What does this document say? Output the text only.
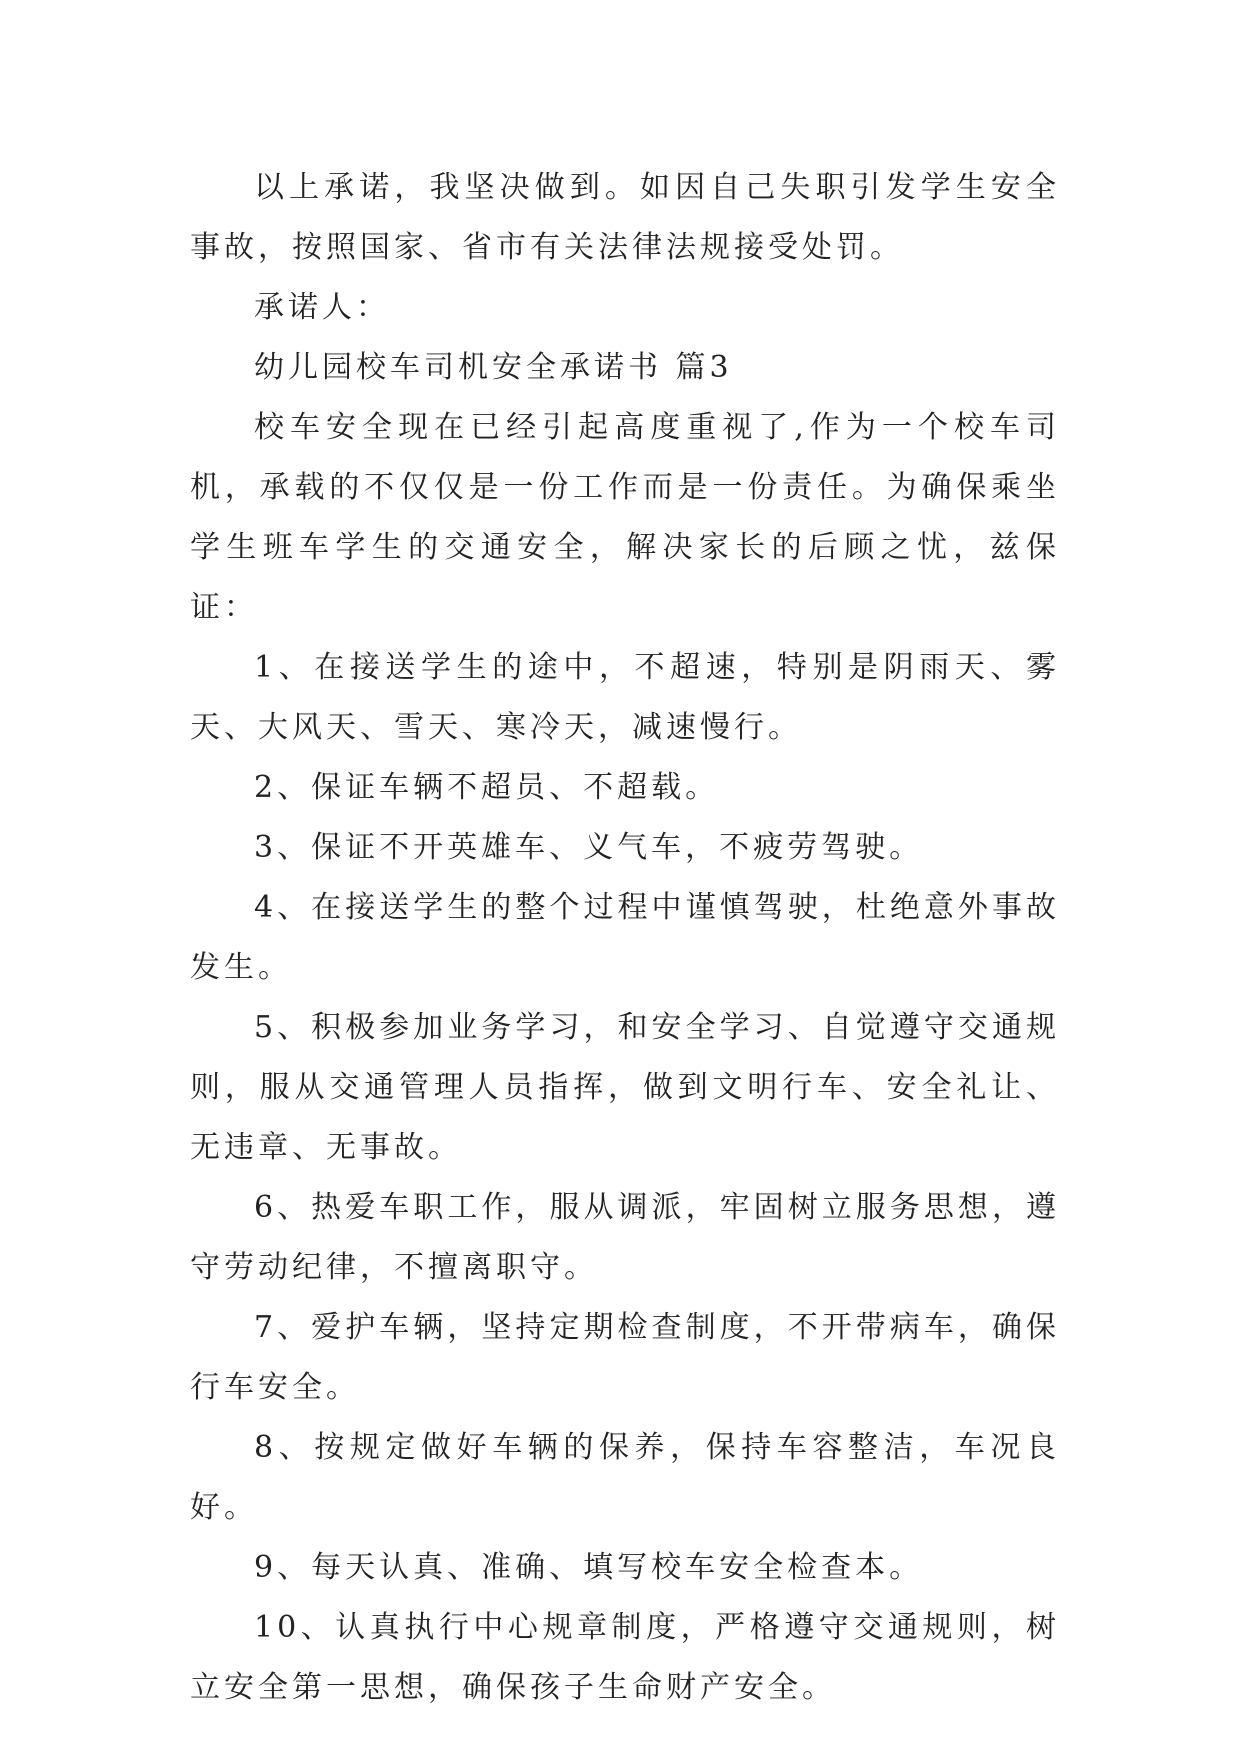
以上承诺，我坚决做到。如因自己失职引发学生安全事故，按照国家、省市有关法律法规接受处罚。

承诺人：

幼儿园校车司机安全承诺书 篇3

校车安全现在已经引起高度重视了,作为一个校车司机，承载的不仅仅是一份工作而是一份责任。为确保乘坐学生班车学生的交通安全，解决家长的后顾之忧，兹保证：

1、在接送学生的途中，不超速，特别是阴雨天、雾天、大风天、雪天、寒冷天，减速慢行。

2、保证车辆不超员、不超载。

3、保证不开英雄车、义气车，不疲劳驾驶。

4、在接送学生的整个过程中谨慎驾驶，杜绝意外事故发生。

5、积极参加业务学习，和安全学习、自觉遵守交通规则，服从交通管理人员指挥，做到文明行车、安全礼让、无违章、无事故。

6、热爱车职工作，服从调派，牢固树立服务思想，遵守劳动纪律，不擅离职守。

7、爱护车辆，坚持定期检查制度，不开带病车，确保行车安全。

8、按规定做好车辆的保养，保持车容整洁，车况良好。

9、每天认真、准确、填写校车安全检查本。

10、认真执行中心规章制度，严格遵守交通规则，树立安全第一思想，确保孩子生命财产安全。
